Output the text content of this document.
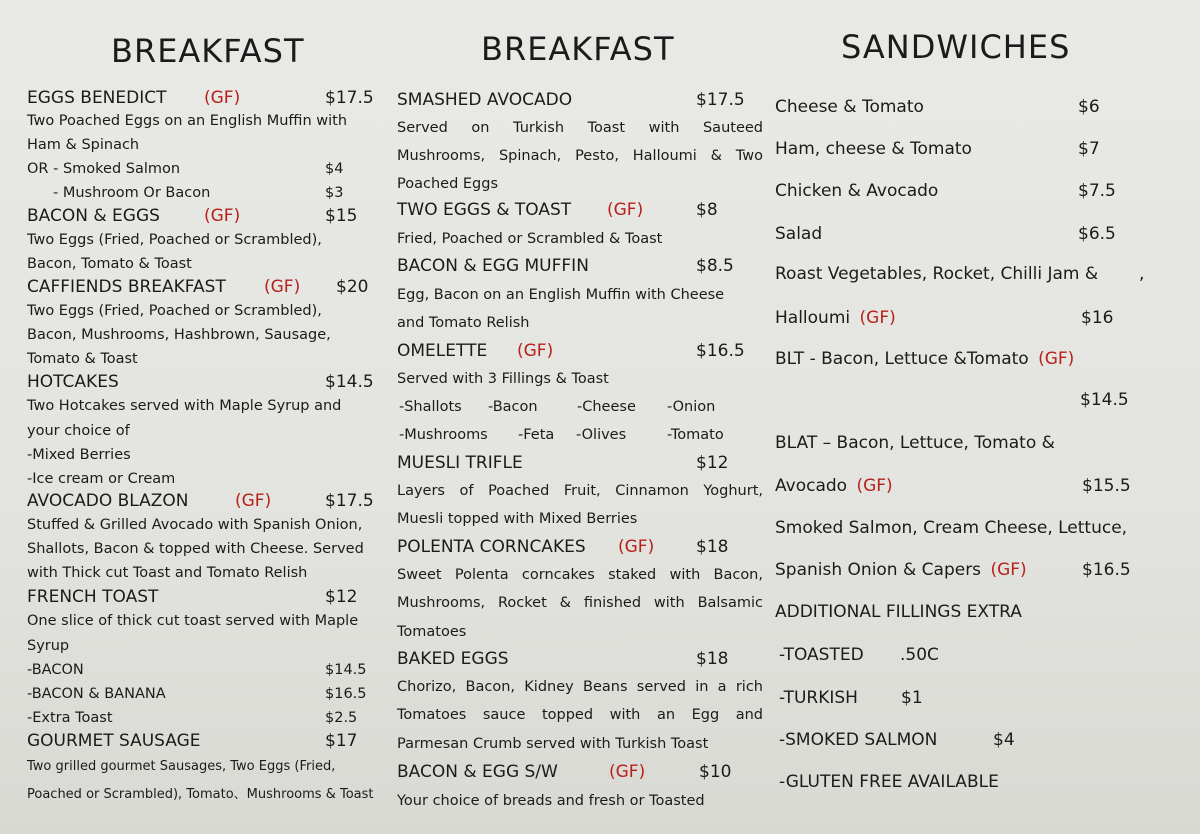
BREAKFAST
EGGS BENEDICT (GF)	$17.5
Two Poached Eggs on an English Muffin with
Ham & Spinach
OR - Smoked Salmon	$4
- Mushroom Or Bacon	$3
BACON & EGGS	(GF)	$15
Two Eggs (Fried, Poached or Scrambled),
Bacon, Tomato & Toast
CAFFIENDS BREAKFAST (GF) $20
Two Eggs (Fried, Poached or Scrambled),
Bacon, Mushrooms, Hashbrown, Sausage,
Tomato & Toast
HOTCAKES	$14.5
Two Hotcakes served with Maple Syrup and
your choice of
-Mixed Berries
-Ice cream or Cream
AVOCADO BLAZON	(GF)	$17.5
Stuffed & Grilled Avocado with Spanish Onion,
Shallots, Bacon & topped with Cheese. Served
with Thick cut Toast and Tomato Relish
FRENCH TOAST	$12
One slice of thick cut toast served with Maple
Syrup
-BACON	$14.5
-BACON & BANANA	$16.5
-Extra Toast	$2.5
GOURMET SAUSAGE	$17
Two grilled gourmet Sausages, Two Eggs (Fried,
Poached or Scrambled), Tomato、Mushrooms & Toast
BREAKFAST
SMASHED AVOCADO	$17.5
Served on Turkish Toast with Sauteed
Mushrooms, Spinach, Pesto, Halloumi & Two
Poached Eggs
TWO EGGS & TOAST (GF)	$8
Fried, Poached or Scrambled & Toast
BACON & EGG MUFFIN	$8.5
Egg, Bacon on an English Muffin with Cheese
and Tomato Relish
OMELETTE (GF)	$16.5
Served with 3 Fillings & Toast
-Shallots -Bacon	-Cheese -Onion
-Mushrooms -Feta -Olives	-Tomato
MUESLI TRIFLE	$12
Layers of Poached Fruit, Cinnamon Yoghurt,
Muesli topped with Mixed Berries
POLENTA CORNCAKES (GF) $18
Sweet Polenta corncakes staked with Bacon,
Mushrooms, Rocket & finished with Balsamic
Tomatoes
BAKED EGGS	$18
Chorizo, Bacon, Kidney Beans served in a rich
Tomatoes sauce topped with an Egg and
Parmesan Crumb served with Turkish Toast
BACON & EGG S/W	(GF)	$10
Your choice of breads and fresh or Toasted
SANDWICHES
Cheese & Tomato	$6
Ham, cheese & Tomato	$7
Chicken & Avocado	$7.5
Salad	$6.5
Roast Vegetables, Rocket, Chilli Jam & ,
Halloumi (GF)	$16
BLT - Bacon, Lettuce &Tomato (GF)
$14.5
BLAT – Bacon, Lettuce, Tomato &
Avocado (GF)	$15.5
Smoked Salmon, Cream Cheese, Lettuce,
Spanish Onion & Capers (GF)	$16.5
ADDITIONAL FILLINGS EXTRA
-TOASTED .50C
-TURKISH	$1
-SMOKED SALMON	$4
-GLUTEN FREE AVAILABLE
